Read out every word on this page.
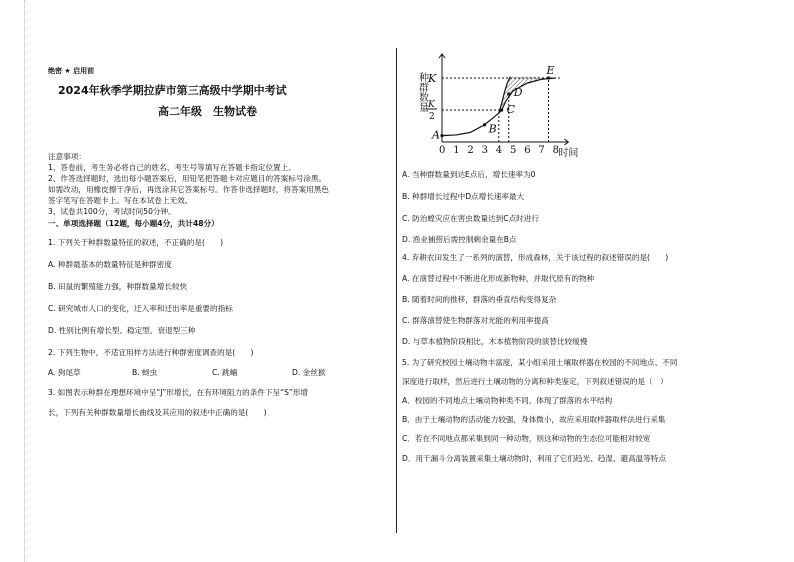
绝密 ★ 启用前
2024年秋季学期拉萨市第三高级中学期中考试
高二年级　生物试卷
注意事项：
1、答卷前，考生务必将自己的姓名、考生号等填写在答题卡指定位置上。
2、作答选择题时，选出每小题答案后，用铅笔把答题卡对应题目的答案标号涂黑。
如需改动，用橡皮擦干净后，再选涂其它答案标号。作答非选择题时，将答案用黑色
签字笔写在答题卡上。写在本试卷上无效。
3、试卷共100分，考试时间50分钟。
一、单项选择题（12题，每小题4分，共计48分）
1. 下列关于种群数量特征的叙述，不正确的是(　　)
A. 种群最基本的数量特征是种群密度
B. 田鼠的繁殖能力强，种群数量增长较快
C. 研究城市人口的变化，迁入率和迁出率是重要的指标
D. 性别比例有增长型、稳定型、衰退型三种
2. 下列生物中，不适宜用样方法进行种群密度调查的是(　　)
A. 狗尾草	B. 蚜虫	C. 跳蝻	D. 金丝猴
3. 如图表示种群在理想环境中呈“J”形增长，在有环境阻力的条件下呈“S”形增
长，下列有关种群数量增长曲线及其应用的叙述中正确的是(　　)
A	B
C
D
E
0 1 2 3 4 5 6 7 8
K
K
2
种群数量
时间
A. 当种群数量到达E点后，增长速率为0
B. 种群增长过程中D点增长速率最大
C. 防治蝗灾应在害虫数量达到C点时进行
D. 渔业捕捞后需控制剩余量在B点
4. 弃耕农田发生了一系列的演替，形成森林，关于该过程的叙述错误的是(　　)
A. 在演替过程中不断进化形成新物种，并取代原有的物种
B. 随着时间的推移，群落的垂直结构变得复杂
C. 群落演替使生物群落对光能的利用率提高
D. 与草本植物阶段相比，木本植物阶段的演替比较缓慢
5. 为了研究校园土壤动物丰富度，某小组采用土壤取样器在校园的不同地点、不同
深度进行取样，然后进行土壤动物的分离和种类鉴定，下列叙述错误的是（　）
A．校园的不同地点土壤动物种类不同，体现了群落的水平结构
B．由于土壤动物的活动能力较强，身体微小，故应采用取样器取样法进行采集
C．若在不同地点都采集到同一种动物，则这种动物的生态位可能相对较宽
D．用干漏斗分离装置采集土壤动物时，利用了它们趋光、趋湿、避高温等特点
